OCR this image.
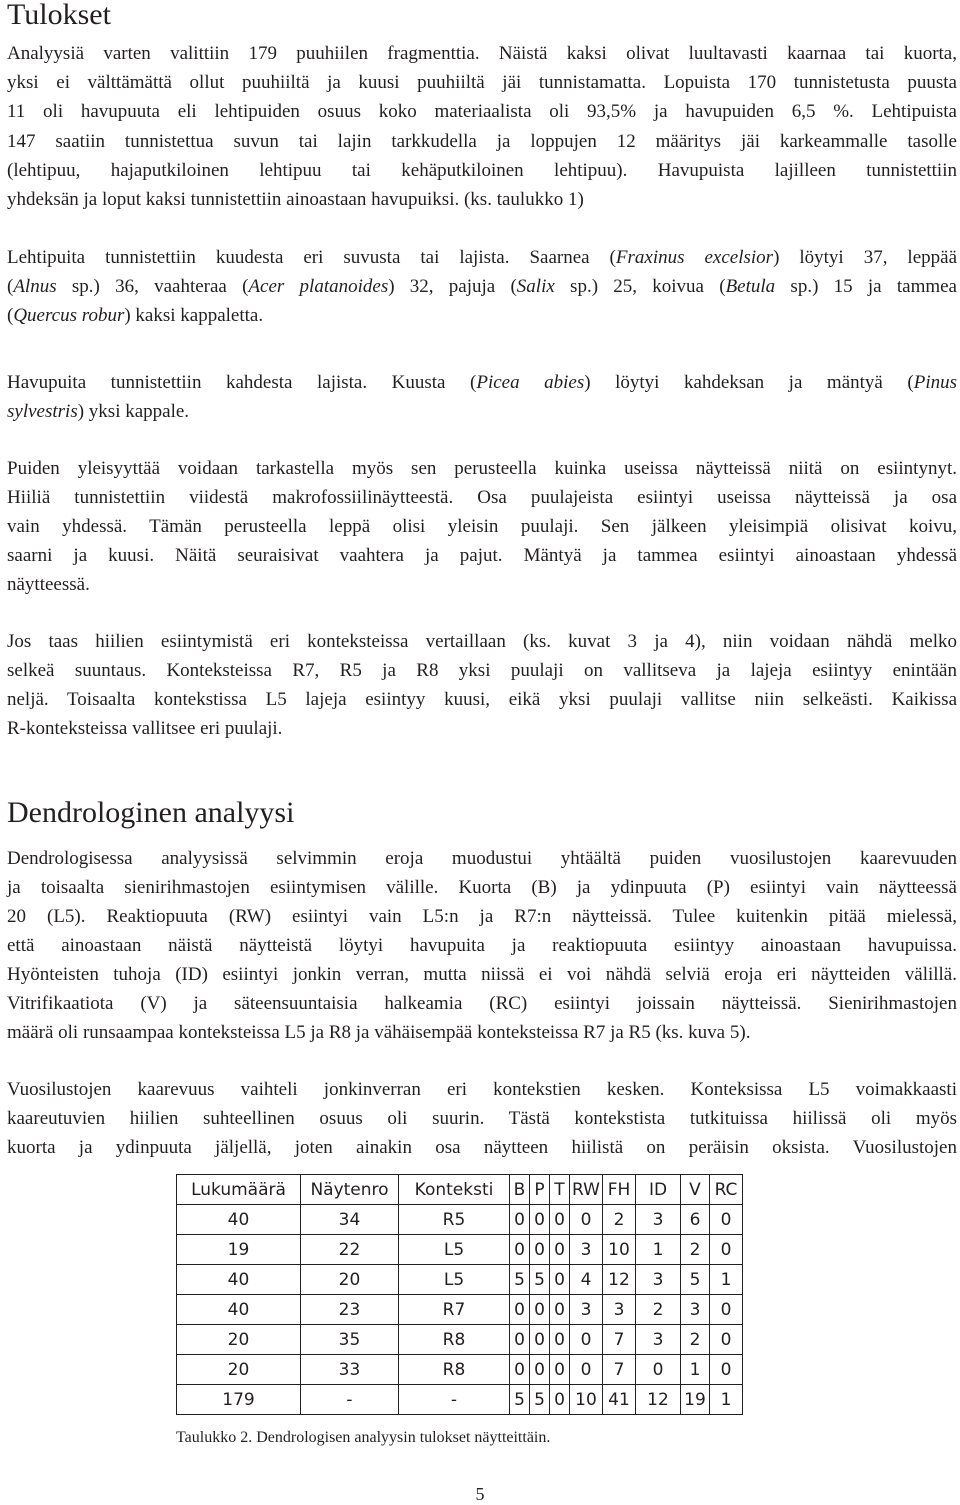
Tulokset
Analyysiä varten valittiin 179 puuhiilen fragmenttia. Näistä kaksi olivat luultavasti kaarnaa tai kuorta,
yksi ei välttämättä ollut puuhiiltä ja kuusi puuhiiltä jäi tunnistamatta. Lopuista 170 tunnistetusta puusta
11 oli havupuuta eli lehtipuiden osuus koko materiaalista oli 93,5% ja havupuiden 6,5 %. Lehtipuista
147 saatiin tunnistettua suvun tai lajin tarkkudella ja loppujen 12 määritys jäi karkeammalle tasolle
(lehtipuu, hajaputkiloinen lehtipuu tai kehäputkiloinen lehtipuu). Havupuista lajilleen tunnistettiin
yhdeksän ja loput kaksi tunnistettiin ainoastaan havupuiksi. (ks. taulukko 1)
Lehtipuita tunnistettiin kuudesta eri suvusta tai lajista. Saarnea (Fraxinus excelsior) löytyi 37, leppää
(Alnus sp.) 36, vaahteraa (Acer platanoides) 32, pajuja (Salix sp.) 25, koivua (Betula sp.) 15 ja tammea
(Quercus robur) kaksi kappaletta.
Havupuita tunnistettiin kahdesta lajista. Kuusta (Picea abies) löytyi kahdeksan ja mäntyä (Pinus
sylvestris) yksi kappale.
Puiden yleisyyttää voidaan tarkastella myös sen perusteella kuinka useissa näytteissä niitä on esiintynyt.
Hiiliä tunnistettiin viidestä makrofossiilinäytteestä. Osa puulajeista esiintyi useissa näytteissä ja osa
vain yhdessä. Tämän perusteella leppä olisi yleisin puulaji. Sen jälkeen yleisimpiä olisivat koivu,
saarni ja kuusi. Näitä seuraisivat vaahtera ja pajut. Mäntyä ja tammea esiintyi ainoastaan yhdessä
näytteessä.
Jos taas hiilien esiintymistä eri konteksteissa vertaillaan (ks. kuvat 3 ja 4), niin voidaan nähdä melko
selkeä suuntaus. Konteksteissa R7, R5 ja R8 yksi puulaji on vallitseva ja lajeja esiintyy enintään
neljä. Toisaalta kontekstissa L5 lajeja esiintyy kuusi, eikä yksi puulaji vallitse niin selkeästi. Kaikissa
R-konteksteissa vallitsee eri puulaji.
Dendrologinen analyysi
Dendrologisessa analyysissä selvimmin eroja muodustui yhtäältä puiden vuosilustojen kaarevuuden
ja toisaalta sienirihmastojen esiintymisen välille. Kuorta (B) ja ydinpuuta (P) esiintyi vain näytteessä
20 (L5). Reaktiopuuta (RW) esiintyi vain L5:n ja R7:n näytteissä. Tulee kuitenkin pitää mielessä,
että ainoastaan näistä näytteistä löytyi havupuita ja reaktiopuuta esiintyy ainoastaan havupuissa.
Hyönteisten tuhoja (ID) esiintyi jonkin verran, mutta niissä ei voi nähdä selviä eroja eri näytteiden välillä.
Vitrifikaatiota (V) ja säteensuuntaisia halkeamia (RC) esiintyi joissain näytteissä. Sienirihmastojen
määrä oli runsaampaa konteksteissa L5 ja R8 ja vähäisempää konteksteissa R7 ja R5 (ks. kuva 5).
Vuosilustojen kaarevuus vaihteli jonkinverran eri kontekstien kesken. Konteksissa L5 voimakkaasti
kaareutuvien hiilien suhteellinen osuus oli suurin. Tästä kontekstista tutkituissa hiilissä oli myös
kuorta ja ydinpuuta jäljellä, joten ainakin osa näytteen hiilistä on peräisin oksista. Vuosilustojen
Lukumäärä	Näytenro	Konteksti	B	P	T	RW	FH	ID	V	RC
40	34	R5	0	0	0	0	2	3	6	0
19	22	L5	0	0	0	3	10	1	2	0
40	20	L5	5	5	0	4	12	3	5	1
40	23	R7	0	0	0	3	3	2	3	0
20	35	R8	0	0	0	0	7	3	2	0
20	33	R8	0	0	0	0	7	0	1	0
179	-	-	5	5	0	10	41	12	19	1
Taulukko 2. Dendrologisen analyysin tulokset näytteittäin.
5
